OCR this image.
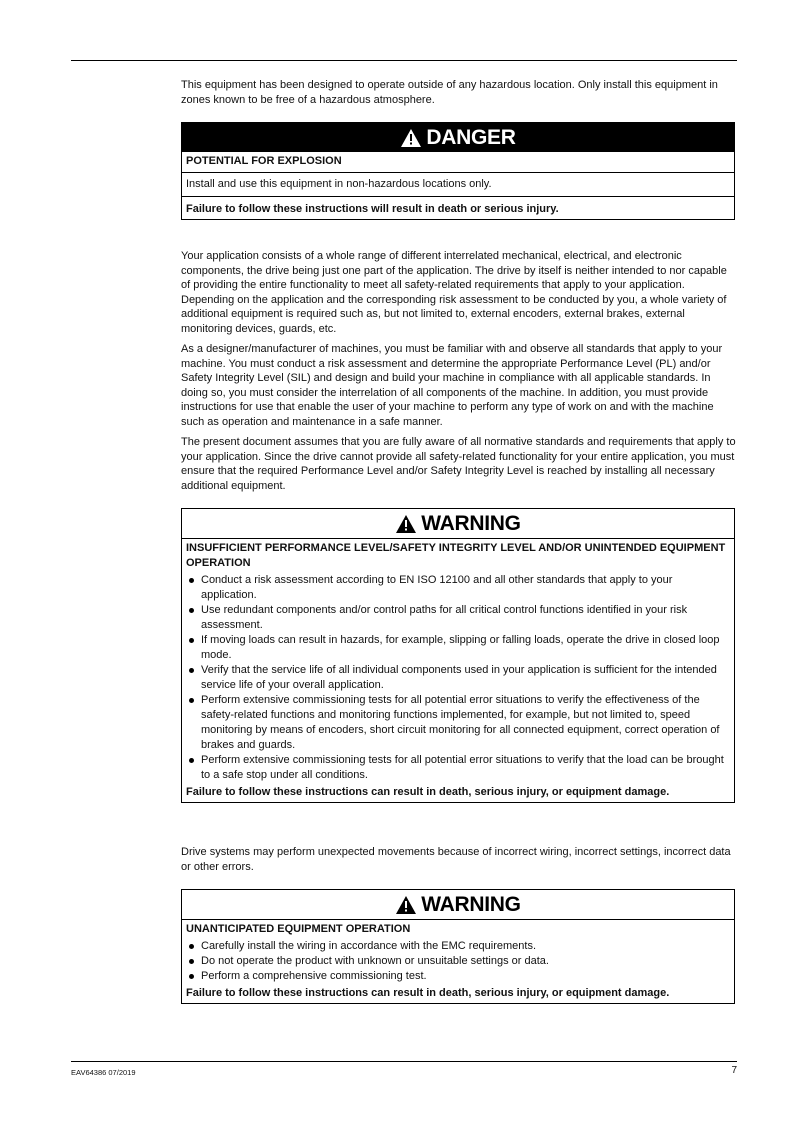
This equipment has been designed to operate outside of any hazardous location. Only install this equipment in zones known to be free of a hazardous atmosphere.

DANGER

POTENTIAL FOR EXPLOSION

Install and use this equipment in non-hazardous locations only.

Failure to follow these instructions will result in death or serious injury.

Your application consists of a whole range of different interrelated mechanical, electrical, and electronic components, the drive being just one part of the application. The drive by itself is neither intended to nor capable of providing the entire functionality to meet all safety-related requirements that apply to your application. Depending on the application and the corresponding risk assessment to be conducted by you, a whole variety of additional equipment is required such as, but not limited to, external encoders, external brakes, external monitoring devices, guards, etc.

As a designer/manufacturer of machines, you must be familiar with and observe all standards that apply to your machine. You must conduct a risk assessment and determine the appropriate Performance Level (PL) and/or Safety Integrity Level (SIL) and design and build your machine in compliance with all applicable standards. In doing so, you must consider the interrelation of all components of the machine. In addition, you must provide instructions for use that enable the user of your machine to perform any type of work on and with the machine such as operation and maintenance in a safe manner.

The present document assumes that you are fully aware of all normative standards and requirements that apply to your application. Since the drive cannot provide all safety-related functionality for your entire application, you must ensure that the required Performance Level and/or Safety Integrity Level is reached by installing all necessary additional equipment.

WARNING

INSUFFICIENT PERFORMANCE LEVEL/SAFETY INTEGRITY LEVEL AND/OR UNINTENDED EQUIPMENT OPERATION

Conduct a risk assessment according to EN ISO 12100 and all other standards that apply to your application.
Use redundant components and/or control paths for all critical control functions identified in your risk assessment.
If moving loads can result in hazards, for example, slipping or falling loads, operate the drive in closed loop mode.
Verify that the service life of all individual components used in your application is sufficient for the intended service life of your overall application.
Perform extensive commissioning tests for all potential error situations to verify the effectiveness of the safety-related functions and monitoring functions implemented, for example, but not limited to, speed monitoring by means of encoders, short circuit monitoring for all connected equipment, correct operation of brakes and guards.
Perform extensive commissioning tests for all potential error situations to verify that the load can be brought to a safe stop under all conditions.

Failure to follow these instructions can result in death, serious injury, or equipment damage.

Drive systems may perform unexpected movements because of incorrect wiring, incorrect settings, incorrect data or other errors.

WARNING

UNANTICIPATED EQUIPMENT OPERATION

Carefully install the wiring in accordance with the EMC requirements.
Do not operate the product with unknown or unsuitable settings or data.
Perform a comprehensive commissioning test.

Failure to follow these instructions can result in death, serious injury, or equipment damage.

EAV64386 07/2019	7
